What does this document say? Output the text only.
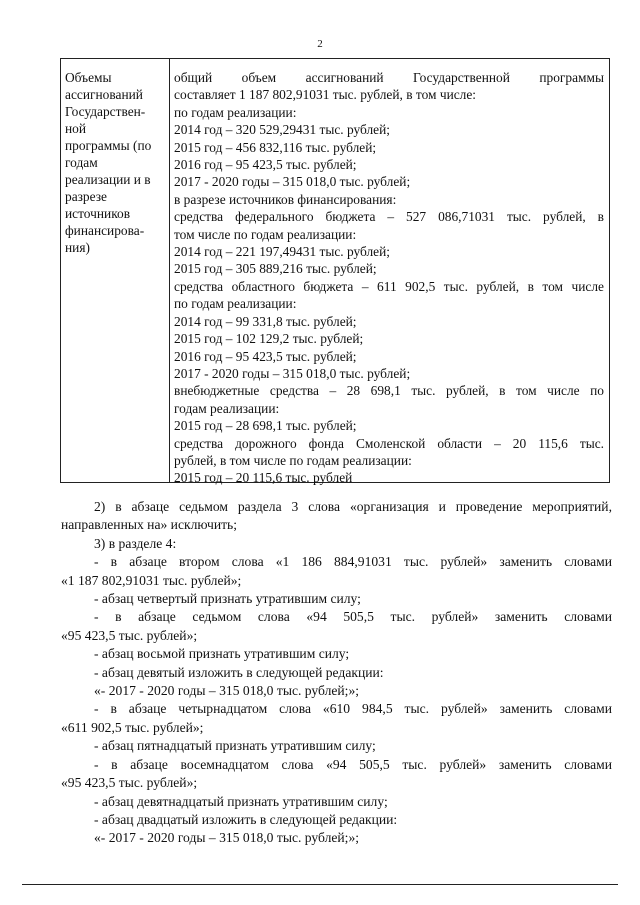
2
Объемы
ассигнований
Государствен-
ной
программы (по
годам
реализации и в
разрезе
источников
финансирова-
ния)
общий объем ассигнований Государственной программы
составляет 1 187 802,91031 тыс. рублей, в том числе:
по годам реализации:
2014 год – 320 529,29431 тыс. рублей;
2015 год – 456 832,116 тыс. рублей;
2016 год – 95 423,5 тыс. рублей;
2017 - 2020 годы – 315 018,0 тыс. рублей;
в разрезе источников финансирования:
средства федерального бюджета – 527 086,71031 тыс. рублей, в
том числе по годам реализации:
2014 год – 221 197,49431 тыс. рублей;
2015 год – 305 889,216 тыс. рублей;
средства областного бюджета – 611 902,5 тыс. рублей, в том числе
по годам реализации:
2014 год – 99 331,8 тыс. рублей;
2015 год – 102 129,2 тыс. рублей;
2016 год – 95 423,5 тыс. рублей;
2017 - 2020 годы – 315 018,0 тыс. рублей;
внебюджетные средства – 28 698,1 тыс. рублей, в том числе по
годам реализации:
2015 год – 28 698,1 тыс. рублей;
средства дорожного фонда Смоленской области – 20 115,6 тыс.
рублей, в том числе по годам реализации:
2015 год – 20 115,6 тыс. рублей
2) в абзаце седьмом раздела 3 слова «организация и проведение мероприятий,
направленных на» исключить;
3) в разделе 4:
- в абзаце втором слова «1 186 884,91031 тыс. рублей» заменить словами
«1 187 802,91031 тыс. рублей»;
- абзац четвертый признать утратившим силу;
- в абзаце седьмом слова «94 505,5 тыс. рублей» заменить словами
«95 423,5 тыс. рублей»;
- абзац восьмой признать утратившим силу;
- абзац девятый изложить в следующей редакции:
«- 2017 - 2020 годы – 315 018,0 тыс. рублей;»;
- в абзаце четырнадцатом слова «610 984,5 тыс. рублей» заменить словами
«611 902,5 тыс. рублей»;
- абзац пятнадцатый признать утратившим силу;
- в абзаце восемнадцатом слова «94 505,5 тыс. рублей» заменить словами
«95 423,5 тыс. рублей»;
- абзац девятнадцатый признать утратившим силу;
- абзац двадцатый изложить в следующей редакции:
«- 2017 - 2020 годы – 315 018,0 тыс. рублей;»;
